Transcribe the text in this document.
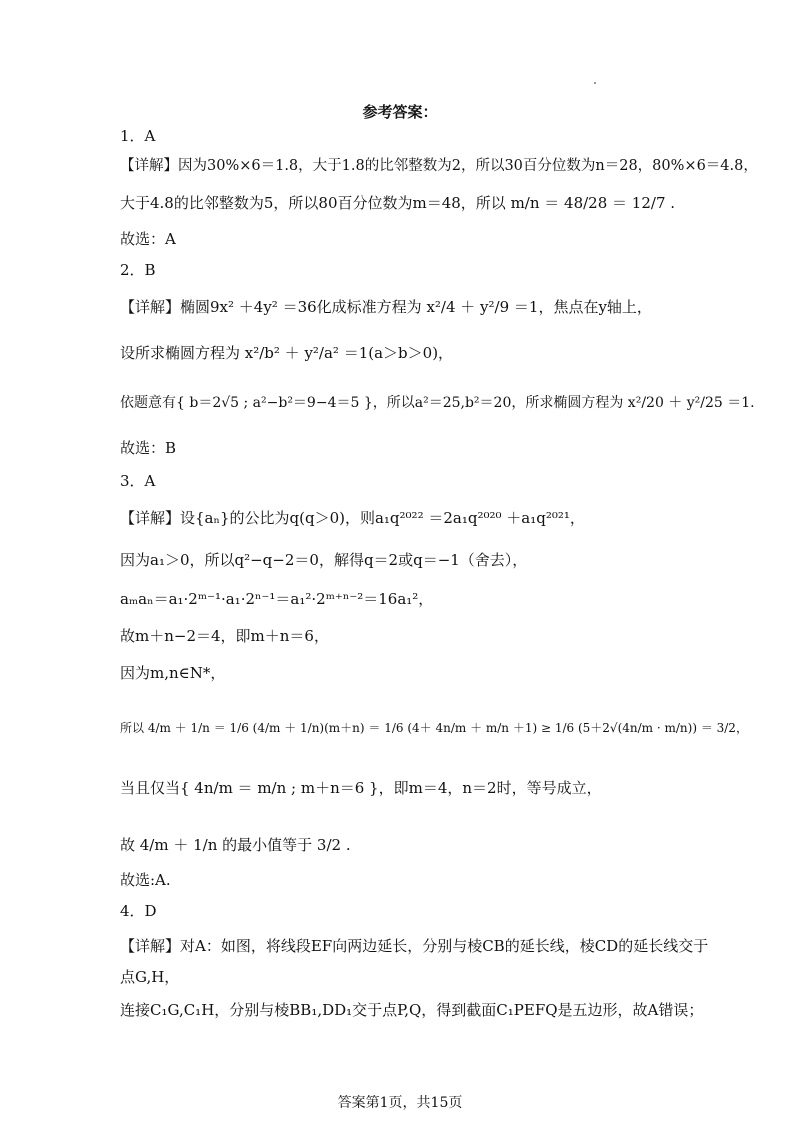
参考答案：
1．A
【详解】因为30%×6＝1.8，大于1.8的比邻整数为2，所以30百分位数为n＝28，80%×6＝4.8，
大于4.8的比邻整数为5，所以80百分位数为m＝48，所以 m/n ＝ 48/28 ＝ 12/7 .
故选：A
2．B
【详解】椭圆9x² ＋4y² ＝36化成标准方程为 x²/4 ＋ y²/9 ＝1，焦点在y轴上，
设所求椭圆方程为 x²/b² ＋ y²/a² ＝1(a＞b＞0)，
依题意有{ b＝2√5 ; a²−b²＝9−4＝5 }，所以a²＝25,b²＝20，所求椭圆方程为 x²/20 ＋ y²/25 ＝1.
故选：B
3．A
【详解】设{aₙ}的公比为q(q＞0)，则a₁q²⁰²² ＝2a₁q²⁰²⁰ ＋a₁q²⁰²¹，
因为a₁＞0，所以q²−q−2＝0，解得q＝2或q＝−1（舍去），
aₘaₙ＝a₁·2ᵐ⁻¹·a₁·2ⁿ⁻¹＝a₁²·2ᵐ⁺ⁿ⁻²＝16a₁²，
故m＋n−2＝4，即m＋n＝6，
因为m,n∈N*，
所以 4/m ＋ 1/n ＝ 1/6 (4/m ＋ 1/n)(m＋n) ＝ 1/6 (4＋ 4n/m ＋ m/n ＋1) ≥ 1/6 (5＋2√(4n/m · m/n)) ＝ 3/2，
当且仅当{ 4n/m ＝ m/n ; m＋n＝6 }，即m＝4，n＝2时，等号成立，
故 4/m ＋ 1/n 的最小值等于 3/2 .
故选:A.
4．D
【详解】对A：如图，将线段EF向两边延长，分别与棱CB的延长线，棱CD的延长线交于
点G,H，
连接C₁G,C₁H，分别与棱BB₁,DD₁交于点P,Q，得到截面C₁PEFQ是五边形，故A错误；
答案第1页，共15页
